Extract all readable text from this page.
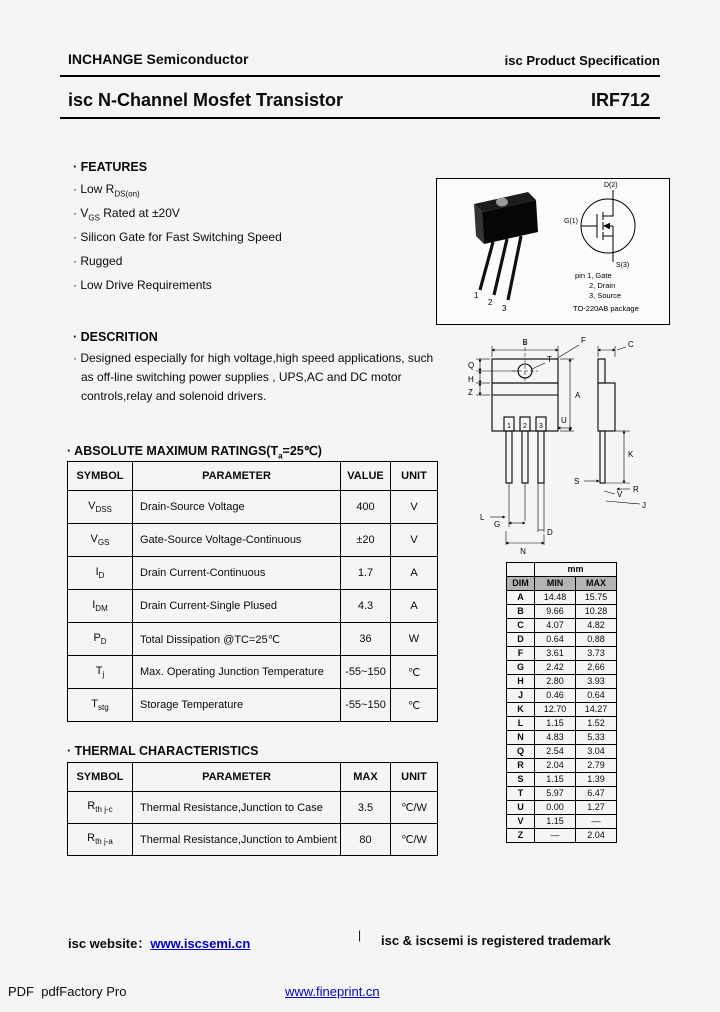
INCHANGE Semiconductor	isc Product Specification
isc N-Channel Mosfet Transistor	IRF712
· FEATURES
· Low $R_{DS(on)}$
· $V_{GS}$ Rated at ±20V
· Silicon Gate for Fast Switching Speed
· Rugged
· Low Drive Requirements
1
2
3
D(2)
G(1)
S(3)
pin 1, Gate
2, Drain
3, Source
TO-220AB package
· DESCRITION
· Designed especially for high voltage,high speed applications, such as off-line switching power supplies , UPS,AC and DC motor controls,relay and solenoid drivers.
· ABSOLUTE MAXIMUM $RATINGS(T_a=25℃)$
SYMBOL	PARAMETER	VALUE	UNIT
$V_{DSS}$	Drain-Source Voltage	400	V
$V_{GS}$	Gate-Source Voltage-Continuous	±20	V
$I_D$	Drain Current-Continuous	1.7	A
$I_{DM}$	Drain Current-Single Plused	4.3	A
$P_D$	Total Dissipation @TC=25℃	36	W
$T_j$	Max. Operating Junction Temperature	-55~150	℃
$T_{stg}$	Storage Temperature	-55~150	℃
· THERMAL CHARACTERISTICS
SYMBOL	PARAMETER	MAX	UNIT
$R_{th j-c}$	Thermal Resistance,Junction to Case	3.5	℃/W
$R_{th j-a}$	Thermal Resistance,Junction to Ambient	80	℃/W
1 2 3
B	F	C
A
Q
H
Z
U
K
V
R
J
L
S
T
G
D
N
	mm	
DIM	MIN	MAX
A	14.48	15.75
B	9.66	10.28
C	4.07	4.82
D	0.64	0.88
F	3.61	3.73
G	2.42	2.66
H	2.80	3.93
J	0.46	0.64
K	12.70	14.27
L	1.15	1.52
N	4.83	5.33
Q	2.54	3.04
R	2.04	2.79
S	1.15	1.39
T	5.97	6.47
U	0.00	1.27
V	1.15	—
Z	—	2.04
isc website：www.iscsemi.cn
| isc & iscsemi is registered trademark
PDF  pdfFactory Pro	www.fineprint.cn
